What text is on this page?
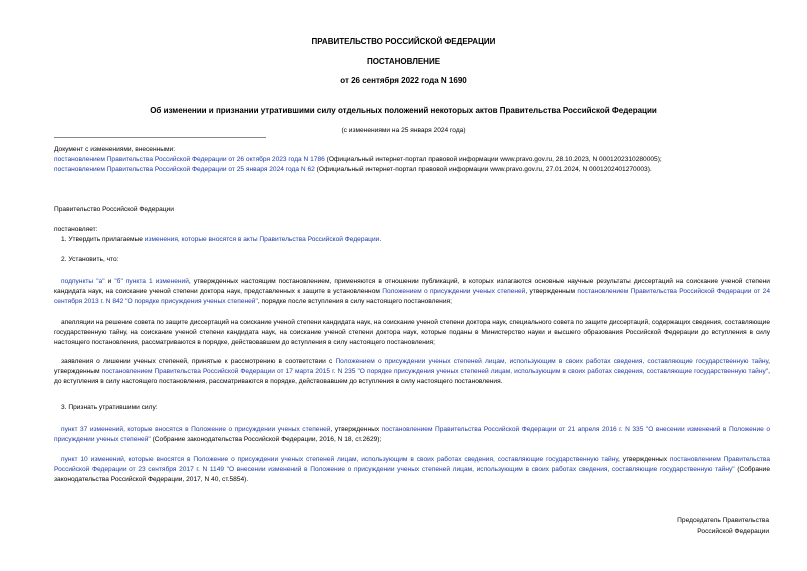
ПРАВИТЕЛЬСТВО РОССИЙСКОЙ ФЕДЕРАЦИИ
ПОСТАНОВЛЕНИЕ
от 26 сентября 2022 года N 1690
Об изменении и признании утратившими силу отдельных положений некоторых актов Правительства Российской Федерации
(с изменениями на 25 января 2024 года)
Документ с изменениями, внесенными:
постановлением Правительства Российской Федерации от 26 октября 2023 года N 1786 (Официальный интернет-портал правовой информации www.pravo.gov.ru, 28.10.2023, N 0001202310280005);
постановлением Правительства Российской Федерации от 25 января 2024 года N 62 (Официальный интернет-портал правовой информации www.pravo.gov.ru, 27.01.2024, N 0001202401270003).
Правительство Российской Федерации
постановляет:
1. Утвердить прилагаемые изменения, которые вносятся в акты Правительства Российской Федерации.
2. Установить, что:
подпункты "а" и "б" пункта 1 изменений, утвержденных настоящим постановлением, применяются в отношении публикаций, в которых излагаются основные научные результаты диссертаций на соискание ученой степени кандидата наук, на соискание ученой степени доктора наук, представленных к защите в установленном Положением о присуждении ученых степеней, утвержденным постановлением Правительства Российской Федерации от 24 сентября 2013 г. N 842 "О порядке присуждения ученых степеней", порядке после вступления в силу настоящего постановления;
апелляции на решение совета по защите диссертаций на соискание ученой степени кандидата наук, на соискание ученой степени доктора наук, специального совета по защите диссертаций, содержащих сведения, составляющие государственную тайну, на соискание ученой степени кандидата наук, на соискание ученой степени доктора наук, которые поданы в Министерство науки и высшего образования Российской Федерации до вступления в силу настоящего постановления, рассматриваются в порядке, действовавшем до вступления в силу настоящего постановления;
заявления о лишении ученых степеней, принятые к рассмотрению в соответствии с Положением о присуждении ученых степеней лицам, использующим в своих работах сведения, составляющие государственную тайну, утвержденным постановлением Правительства Российской Федерации от 17 марта 2015 г. N 235 "О порядке присуждения ученых степеней лицам, использующим в своих работах сведения, составляющие государственную тайну", до вступления в силу настоящего постановления, рассматриваются в порядке, действовавшем до вступления в силу настоящего постановления.
3. Признать утратившими силу:
пункт 37 изменений, которые вносятся в Положение о присуждении ученых степеней, утвержденных постановлением Правительства Российской Федерации от 21 апреля 2016 г. N 335 "О внесении изменений в Положение о присуждении ученых степеней" (Собрание законодательства Российской Федерации, 2016, N 18, ст.2629);
пункт 10 изменений, которые вносятся в Положение о присуждении ученых степеней лицам, использующим в своих работах сведения, составляющие государственную тайну, утвержденных постановлением Правительства Российской Федерации от 23 сентября 2017 г. N 1149 "О внесении изменений в Положение о присуждении ученых степеней лицам, использующим в своих работах сведения, составляющие государственную тайну" (Собрание законодательства Российской Федерации, 2017, N 40, ст.5854).
Председатель Правительства
Российской Федерации
